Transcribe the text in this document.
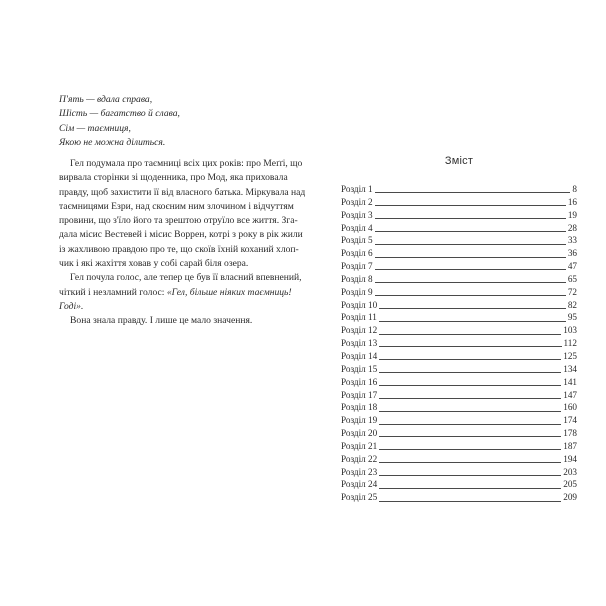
П'ять — вдала справа,
Шість — багатство й слава,
Сім — таємниця,
Якою не можна ділиться.
Гел подумала про таємниці всіх цих років: про Меґґі, що
вирвала сторінки зі щоденника, про Мод, яка приховала
правду, щоб захистити її від власного батька. Міркувала над
таємницями Езри, над скоєним ним злочином і відчуттям
провини, що з'їло його та зрештою отруїло все життя. Зга-
дала місис Вестевей і місис Воррен, котрі з року в рік жили
із жахливою правдою про те, що скоїв їхній коханий хлоп-
чик і які жахіття ховав у собі сарай біля озера.
Гел почула голос, але тепер це був її власний впевнений,
чіткий і незламний голос: «Гел, більше ніяких таємниць!
Годі».
Вона знала правду. І лише це мало значення.
Зміст
Розділ 1	8
Розділ 2	16
Розділ 3	19
Розділ 4	28
Розділ 5	33
Розділ 6	36
Розділ 7	47
Розділ 8	65
Розділ 9	72
Розділ 10	82
Розділ 11	95
Розділ 12	103
Розділ 13	112
Розділ 14	125
Розділ 15	134
Розділ 16	141
Розділ 17	147
Розділ 18	160
Розділ 19	174
Розділ 20	178
Розділ 21	187
Розділ 22	194
Розділ 23	203
Розділ 24	205
Розділ 25	209
